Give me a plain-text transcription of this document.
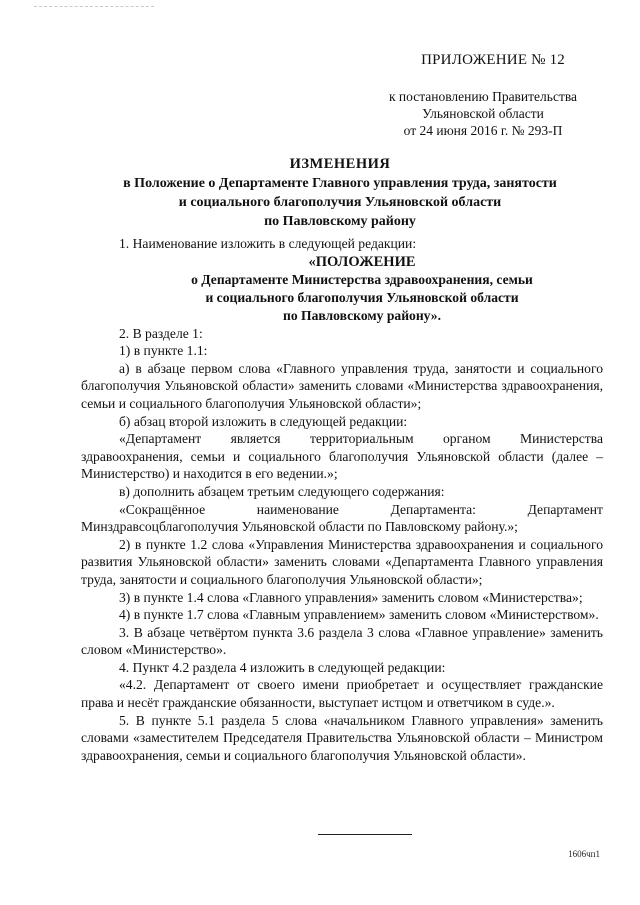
ПРИЛОЖЕНИЕ № 12
к постановлению Правительства
Ульяновской области
от 24 июня 2016 г. № 293-П
ИЗМЕНЕНИЯ
в Положение о Департаменте Главного управления труда, занятости
и социального благополучия Ульяновской области
по Павловскому району

1. Наименование изложить в следующей редакции:

«ПОЛОЖЕНИЕ
о Департаменте Министерства здравоохранения, семьи
и социального благополучия Ульяновской области
по Павловскому району».

2. В разделе 1:

1) в пункте 1.1:

а) в абзаце первом слова «Главного управления труда, занятости и социального благополучия Ульяновской области» заменить словами «Министерства здравоохранения, семьи и социального благополучия Ульяновской области»;

б) абзац второй изложить в следующей редакции:

«Департамент является территориальным органом Министерства здравоохранения, семьи и социального благополучия Ульяновской области (далее – Министерство) и находится в его ведении.»;

в) дополнить абзацем третьим следующего содержания:

«Сокращённое наименование Департамента: Департамент Минздравсоцблагополучия Ульяновской области по Павловскому району.»;

2) в пункте 1.2 слова «Управления Министерства здравоохранения и социального развития Ульяновской области» заменить словами «Департамента Главного управления труда, занятости и социального благополучия Ульяновской области»;

3) в пункте 1.4 слова «Главного управления» заменить словом «Министерства»;

4) в пункте 1.7 слова «Главным управлением» заменить словом «Министерством».

3. В абзаце четвёртом пункта 3.6 раздела 3 слова «Главное управление» заменить словом «Министерство».

4. Пункт 4.2 раздела 4 изложить в следующей редакции:

«4.2. Департамент от своего имени приобретает и осуществляет гражданские права и несёт гражданские обязанности, выступает истцом и ответчиком в суде.».

5. В пункте 5.1 раздела 5 слова «начальником Главного управления» заменить словами «заместителем Председателя Правительства Ульяновской области – Министром здравоохранения, семьи и социального благополучия Ульяновской области».

1606чп1
